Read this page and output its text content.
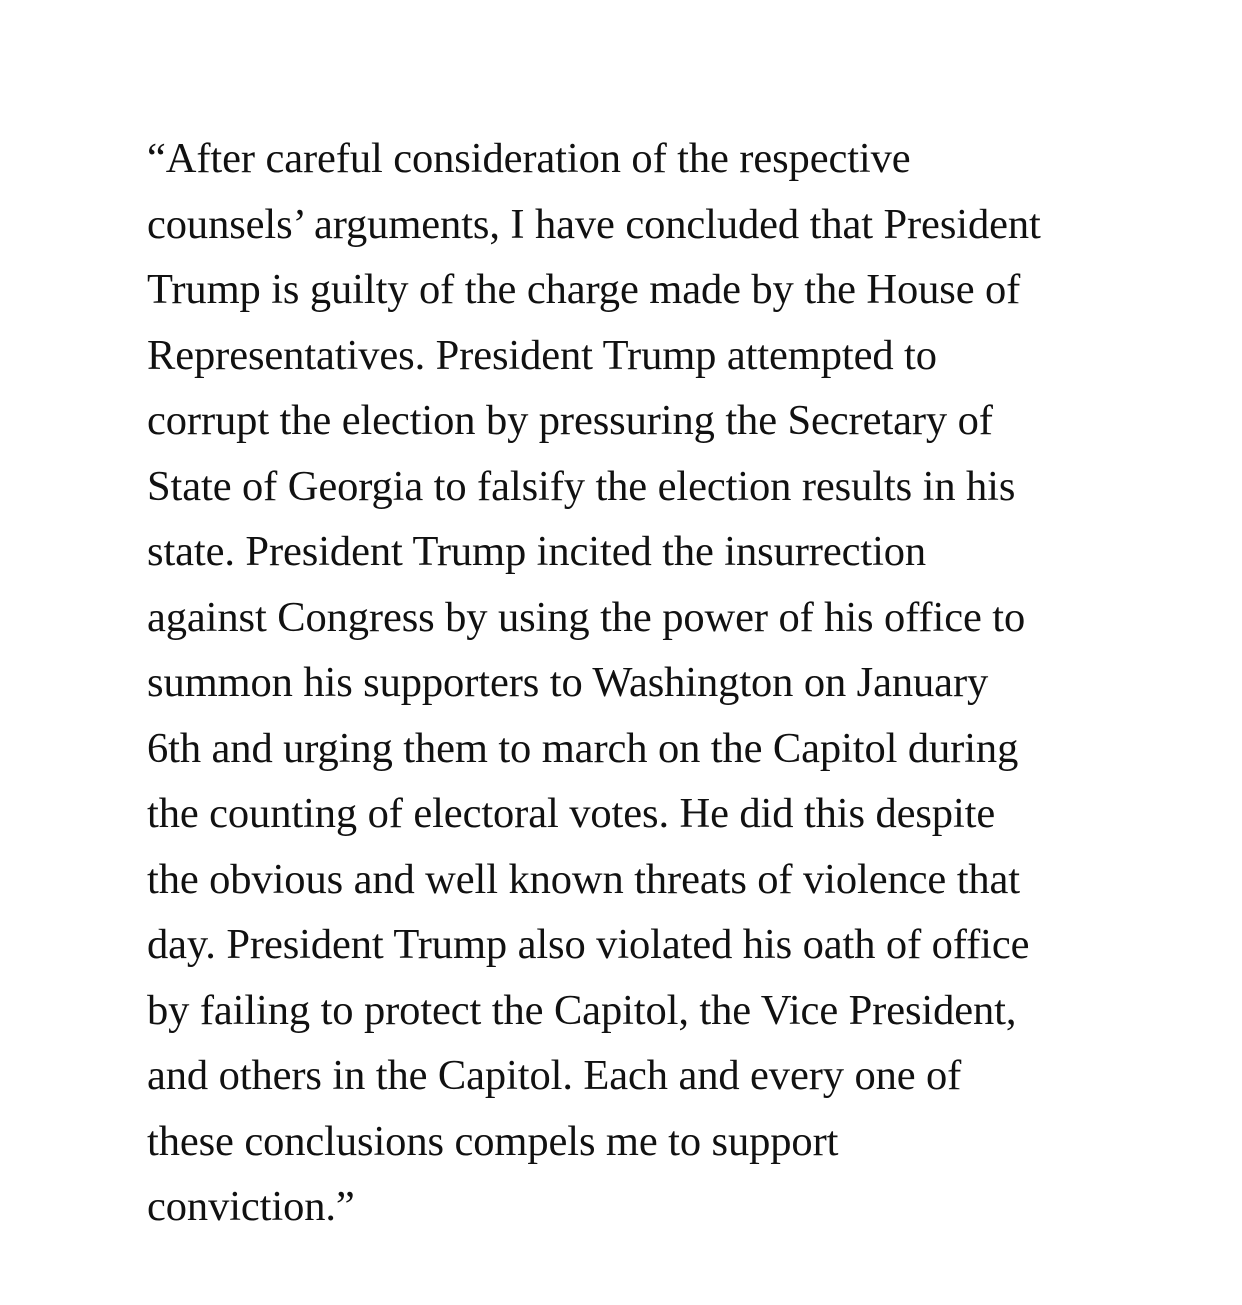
“After careful consideration of the respective
counsels’ arguments, I have concluded that President
Trump is guilty of the charge made by the House of
Representatives. President Trump attempted to
corrupt the election by pressuring the Secretary of
State of Georgia to falsify the election results in his
state. President Trump incited the insurrection
against Congress by using the power of his office to
summon his supporters to Washington on January
6th and urging them to march on the Capitol during
the counting of electoral votes. He did this despite
the obvious and well known threats of violence that
day. President Trump also violated his oath of office
by failing to protect the Capitol, the Vice President,
and others in the Capitol. Each and every one of
these conclusions compels me to support
conviction.”
